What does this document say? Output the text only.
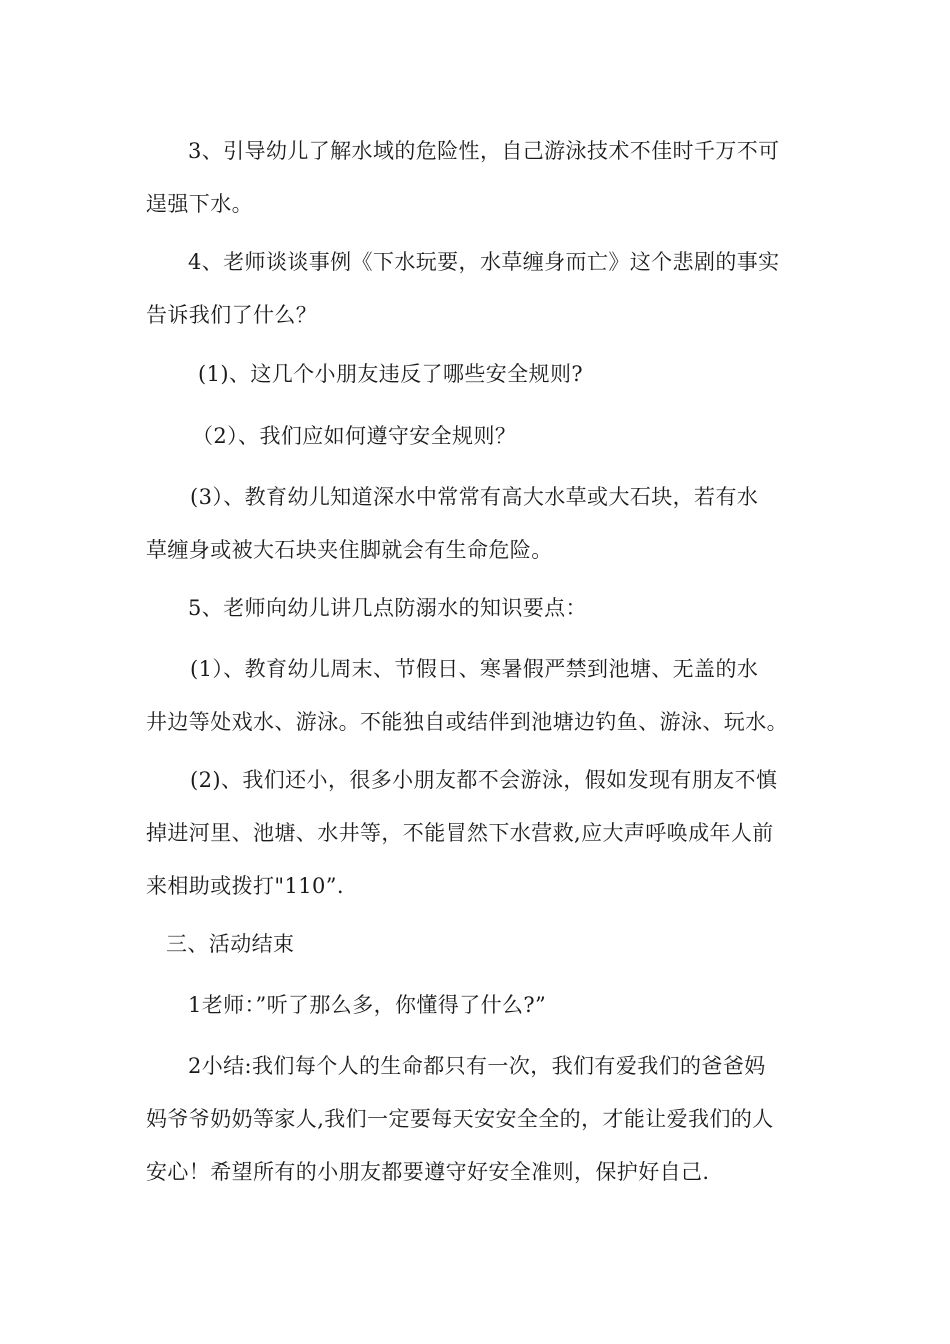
3、引导幼儿了解水域的危险性，自己游泳技术不佳时千万不可
逞强下水。
4、老师谈谈事例《下水玩要，水草缠身而亡》这个悲剧的事实
告诉我们了什么？
(1)、这几个小朋友违反了哪些安全规则?
（2）、我们应如何遵守安全规则？
(3）、教育幼儿知道深水中常常有高大水草或大石块，若有水
草缠身或被大石块夹住脚就会有生命危险。
5、老师向幼儿讲几点防溺水的知识要点：
(1）、教育幼儿周末、节假日、寒暑假严禁到池塘、无盖的水
井边等处戏水、游泳。不能独自或结伴到池塘边钓鱼、游泳、玩水。
(2)、我们还小，很多小朋友都不会游泳，假如发现有朋友不慎
掉进河里、池塘、水井等，不能冒然下水营救,应大声呼唤成年人前
来相助或拨打"110”.
三、活动结束
1老师：”听了那么多，你懂得了什么?”
2小结:我们每个人的生命都只有一次，我们有爱我们的爸爸妈
妈爷爷奶奶等家人,我们一定要每天安安全全的，才能让爱我们的人
安心！希望所有的小朋友都要遵守好安全准则，保护好自己.
